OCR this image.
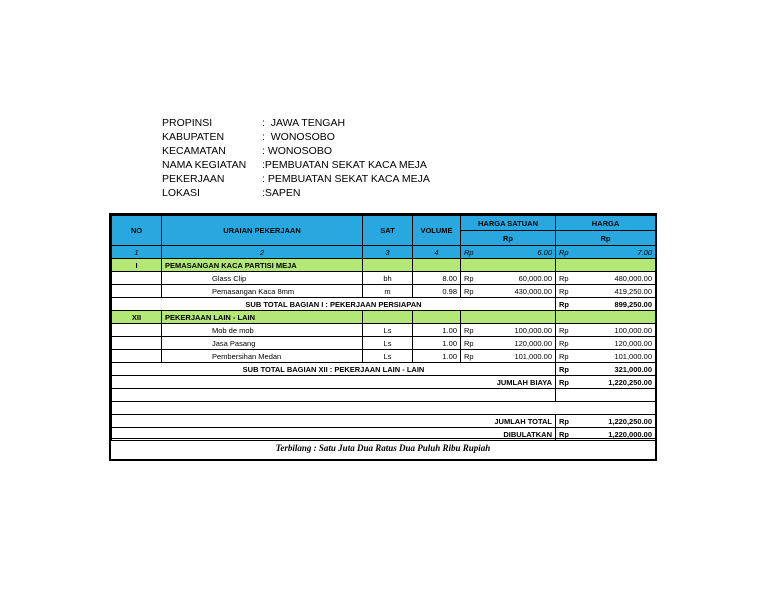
PROPINSI	:  JAWA TENGAH
KABUPATEN	:  WONOSOBO
KECAMATAN	: WONOSOBO
NAMA KEGIATAN	:PEMBUATAN SEKAT KACA MEJA
PEKERJAAN	: PEMBUATAN SEKAT KACA MEJA
LOKASI	:SAPEN
NO	URAIAN PEKERJAAN	SAT	VOLUME	HARGA SATUAN		HARGA	
				Rp		Rp	
1	2	3	4	Rp	6.00	Rp	7.00
I	PEMASANGAN KACA PARTISI MEJA						
	Glass Clip	bh	8.00	Rp	60,000.00	Rp	480,000.00
	Pemasangan Kaca 8mm	m	0.98	Rp	430,000.00	Rp	419,250.00
SUB TOTAL BAGIAN I : PEKERJAAN PERSIAPAN						Rp	899,250.00
XII	PEKERJAAN LAIN - LAIN						
	Mob de mob	Ls	1.00	Rp	100,000.00	Rp	100,000.00
	Jasa Pasang	Ls	1.00	Rp	120,000.00	Rp	120,000.00
	Pembersihan Medan	Ls	1.00	Rp	101,000.00	Rp	101,000.00
SUB TOTAL BAGIAN XII : PEKERJAAN LAIN - LAIN						Rp	321,000.00
JUMLAH BIAYA						Rp	1,220,250.00

JUMLAH TOTAL						Rp	1,220,250.00
DIBULATKAN						Rp	1,220,000.00
Terbilang : Satu Juta Dua Ratus Dua Puluh Ribu Rupiah
